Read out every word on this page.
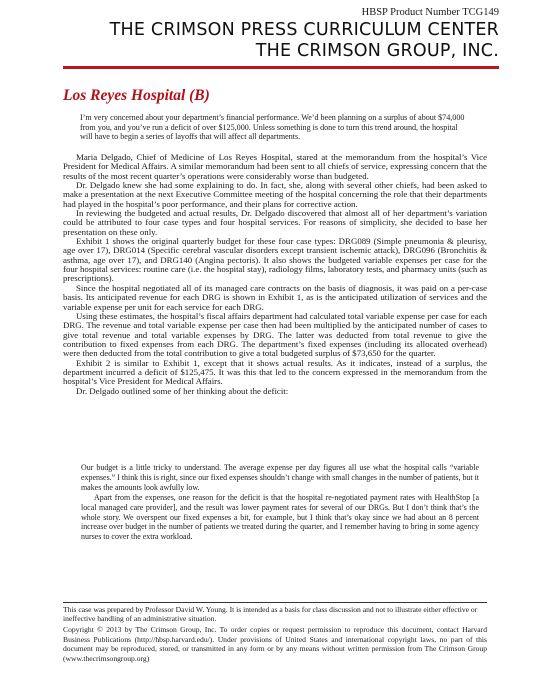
HBSP Product Number TCG149
THE CRIMSON PRESS CURRICULUM CENTER
THE CRIMSON GROUP, INC.
Los Reyes Hospital (B)

I’m very concerned about your department’s financial performance. We’d been planning on a surplus of about $74,000 from you, and you’ve run a deficit of over $125,000. Unless something is done to turn this trend around, the hospital will have to begin a series of layoffs that will affect all departments.

Maria Delgado, Chief of Medicine of Los Reyes Hospital, stared at the memorandum from the hospital’s Vice President for Medical Affairs. A similar memorandum had been sent to all chiefs of service, expressing concern that the results of the most recent quarter’s operations were considerably worse than budgeted.

Dr. Delgado knew she had some explaining to do. In fact, she, along with several other chiefs, had been asked to make a presentation at the next Executive Committee meeting of the hospital concerning the role that their departments had played in the hospital’s poor performance, and their plans for corrective action.

In reviewing the budgeted and actual results, Dr. Delgado discovered that almost all of her department’s variation could be attributed to four case types and four hospital services. For reasons of simplicity, she decided to base her presentation on these only.

Exhibit 1 shows the original quarterly budget for these four case types: DRG089 (Simple pneumonia & pleurisy, age over 17), DRG014 (Specific cerebral vascular disorders except transient ischemic attack), DRG096 (Bronchitis & asthma, age over 17), and DRG140 (Angina pectoris). It also shows the budgeted variable expenses per case for the four hospital services: routine care (i.e. the hospital stay), radiology films, laboratory tests, and pharmacy units (such as prescriptions).

Since the hospital negotiated all of its managed care contracts on the basis of diagnosis, it was paid on a per-case basis. Its anticipated revenue for each DRG is shown in Exhibit 1, as is the anticipated utilization of services and the variable expense per unit for each service for each DRG.

Using these estimates, the hospital’s fiscal affairs department had calculated total variable expense per case for each DRG. The revenue and total variable expense per case then had been multiplied by the anticipated number of cases to give total revenue and total variable expenses by DRG. The latter was deducted from total revenue to give the contribution to fixed expenses from each DRG. The department’s fixed expenses (including its allocated overhead) were then deducted from the total contribution to give a total budgeted surplus of $73,650 for the quarter.

Exhibit 2 is similar to Exhibit 1, except that it shows actual results. As it indicates, instead of a surplus, the department incurred a deficit of $125,475. It was this that led to the concern expressed in the memorandum from the hospital’s Vice President for Medical Affairs.

Dr. Delgado outlined some of her thinking about the deficit:

Our budget is a little tricky to understand. The average expense per day figures all use what the hospital calls “variable expenses.” I think this is right, since our fixed expenses shouldn’t change with small changes in the number of patients, but it makes the amounts look awfully low.

Apart from the expenses, one reason for the deficit is that the hospital re-negotiated payment rates with HealthStop [a local managed care provider], and the result was lower payment rates for several of our DRGs. But I don’t think that’s the whole story. We overspent our fixed expenses a bit, for example, but I think that’s okay since we had about an 8 percent increase over budget in the number of patients we treated during the quarter, and I remember having to bring in some agency nurses to cover the extra workload.

This case was prepared by Professor David W. Young. It is intended as a basis for class discussion and not to illustrate either effective or ineffective handling of an administrative situation.

Copyright © 2013 by The Crimson Group, Inc. To order copies or request permission to reproduce this document, contact Harvard Business Publications (http://hbsp.harvard.edu/). Under provisions of United States and international copyright laws, no part of this document may be reproduced, stored, or transmitted in any form or by any means without written permission from The Crimson Group (www.thecrimsongroup.org)
